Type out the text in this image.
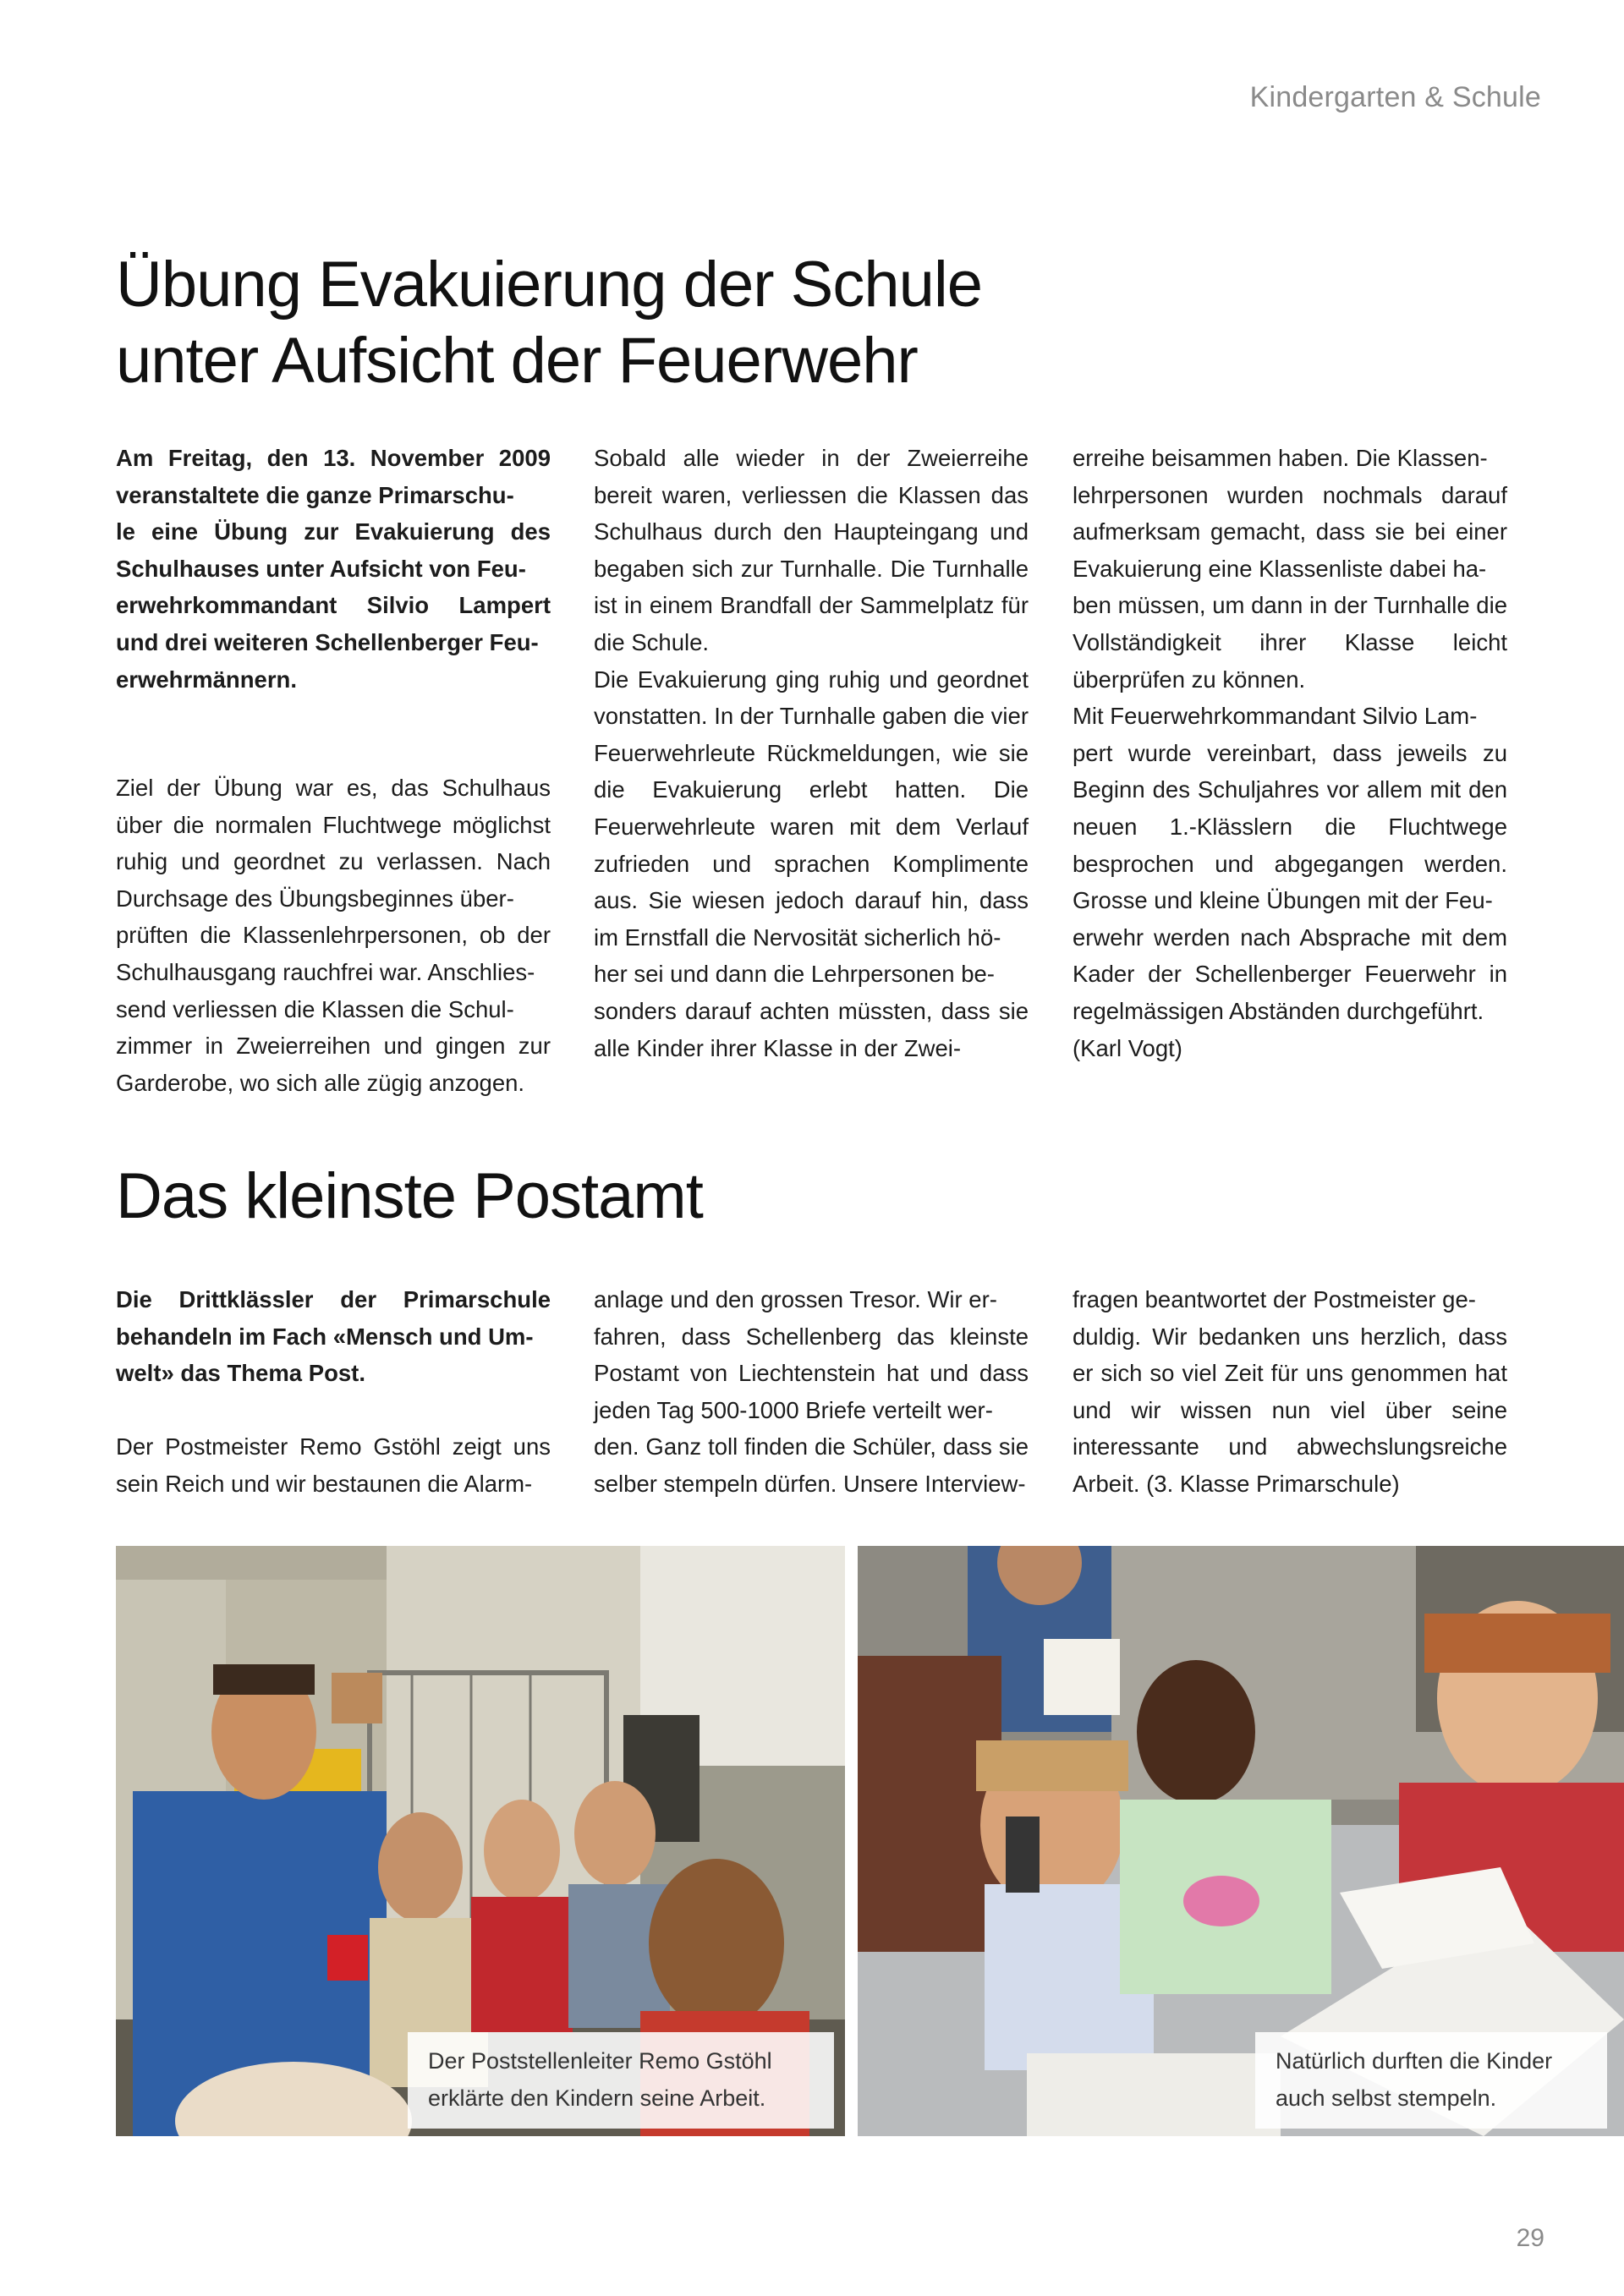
Kindergarten & Schule
Übung Evakuierung der Schule
unter Aufsicht der Feuerwehr

Am Freitag, den 13. November 2009 veranstaltete die ganze Primarschu-
le eine Übung zur Evakuierung des Schulhauses unter Aufsicht von Feu-
erwehrkommandant Silvio Lampert und drei weiteren Schellenberger Feu-
erwehrmännern.

Ziel der Übung war es, das Schulhaus über die normalen Fluchtwege möglichst ruhig und geordnet zu verlassen. Nach Durchsage des Übungsbeginnes über-
prüften die Klassenlehrpersonen, ob der Schulhausgang rauchfrei war. Anschlies-
send verliessen die Klassen die Schul-
zimmer in Zweierreihen und gingen zur Garderobe, wo sich alle zügig anzogen.

Sobald alle wieder in der Zweierreihe bereit waren, verliessen die Klassen das Schulhaus durch den Haupteingang und begaben sich zur Turnhalle. Die Turnhalle ist in einem Brandfall der Sammelplatz für die Schule.

Die Evakuierung ging ruhig und geordnet vonstatten. In der Turnhalle gaben die vier Feuerwehrleute Rückmeldungen, wie sie die Evakuierung erlebt hatten. Die Feuerwehrleute waren mit dem Verlauf zufrieden und sprachen Komplimente aus. Sie wiesen jedoch darauf hin, dass im Ernstfall die Nervosität sicherlich hö-
her sei und dann die Lehrpersonen be-
sonders darauf achten müssten, dass sie alle Kinder ihrer Klasse in der Zwei-

erreihe beisammen haben. Die Klassen-
lehrpersonen wurden nochmals darauf aufmerksam gemacht, dass sie bei einer Evakuierung eine Klassenliste dabei ha-
ben müssen, um dann in der Turnhalle die Vollständigkeit ihrer Klasse leicht überprüfen zu können.

Mit Feuerwehrkommandant Silvio Lam-
pert wurde vereinbart, dass jeweils zu Beginn des Schuljahres vor allem mit den neuen 1.-Klässlern die Fluchtwege besprochen und abgegangen werden. Grosse und kleine Übungen mit der Feu-
erwehr werden nach Absprache mit dem Kader der Schellenberger Feuerwehr in regelmässigen Abständen durchgeführt.

(Karl Vogt)

Das kleinste Postamt

Die Drittklässler der Primarschule behandeln im Fach «Mensch und Um-
welt» das Thema Post.

Der Postmeister Remo Gstöhl zeigt uns sein Reich und wir bestaunen die Alarm-

anlage und den grossen Tresor. Wir er-
fahren, dass Schellenberg das kleinste Postamt von Liechtenstein hat und dass jeden Tag 500-1000 Briefe verteilt wer-
den. Ganz toll finden die Schüler, dass sie selber stempeln dürfen. Unsere Interview-

fragen beantwortet der Postmeister ge-
duldig. Wir bedanken uns herzlich, dass er sich so viel Zeit für uns genommen hat und wir wissen nun viel über seine interessante und abwechslungsreiche Arbeit. (3. Klasse Primarschule)

Der Poststellenleiter Remo Gstöhl erklärte den Kindern seine Arbeit.
Natürlich durften die Kinder auch selbst stempeln.
29
